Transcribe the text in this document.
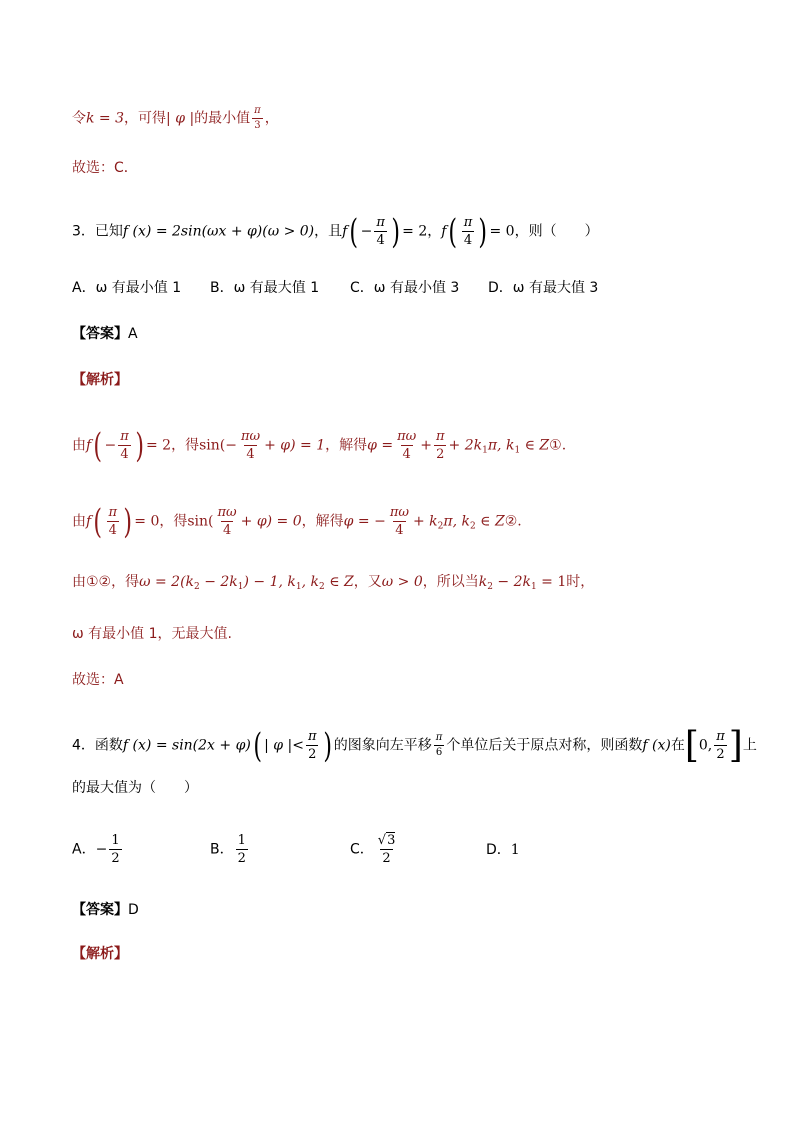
令k = 3，可得| φ |的最小值 $\frac{\pi}{3}$ ，
故选：C．
3．已知f (x) = 2sin(ωx + φ)(ω > 0)，且$f( - \frac{\pi}{4}$ ) = 2，$f( \frac{\pi}{4}$ ) = 0，则（　　）
A．ω 有最小值 1 B．ω 有最大值 1 C．ω 有最小值 3 D．ω 有最大值 3
【答案】A
【解析】
由$f( - \frac{\pi}{4}$ ) = 2，得$\sin(- \frac{\pi\omega}{4} + \varphi) = 1$，解得$\varphi = \frac{\pi\omega}{4} + \frac{\pi}{2} + 2k_1\pi$, $k_1$ ∈ Z①.
由$f( \frac{\pi}{4}$ ) = 0，得$\sin( \frac{\pi\omega}{4} + \varphi) = 0$，解得φ = − $\frac{\pi\omega}{4} + k_2\pi$, $k_2$ ∈ Z②.
由①②，得$\omega = 2(k_2 - 2k_1) - 1$, $k_1$, $k_2$ ∈ Z，又ω > 0，所以当$k_2 - 2k_1 = 1$时，
ω 有最小值 1，无最大值.
故选：A
4．函数f (x) = sin(2x + φ)( | φ |< $\frac{\pi}{2}$ ) 的图象向左平移 $\frac{\pi}{6}$ 个单位后关于原点对称，则函数f (x)在[0, $\frac{\pi}{2}$ ]上
的最大值为（　　）
A．− $\frac{1}{2}$	B． $\frac{1}{2}$	C． $\frac{√3}{2}$	D．1
【答案】D
【解析】
